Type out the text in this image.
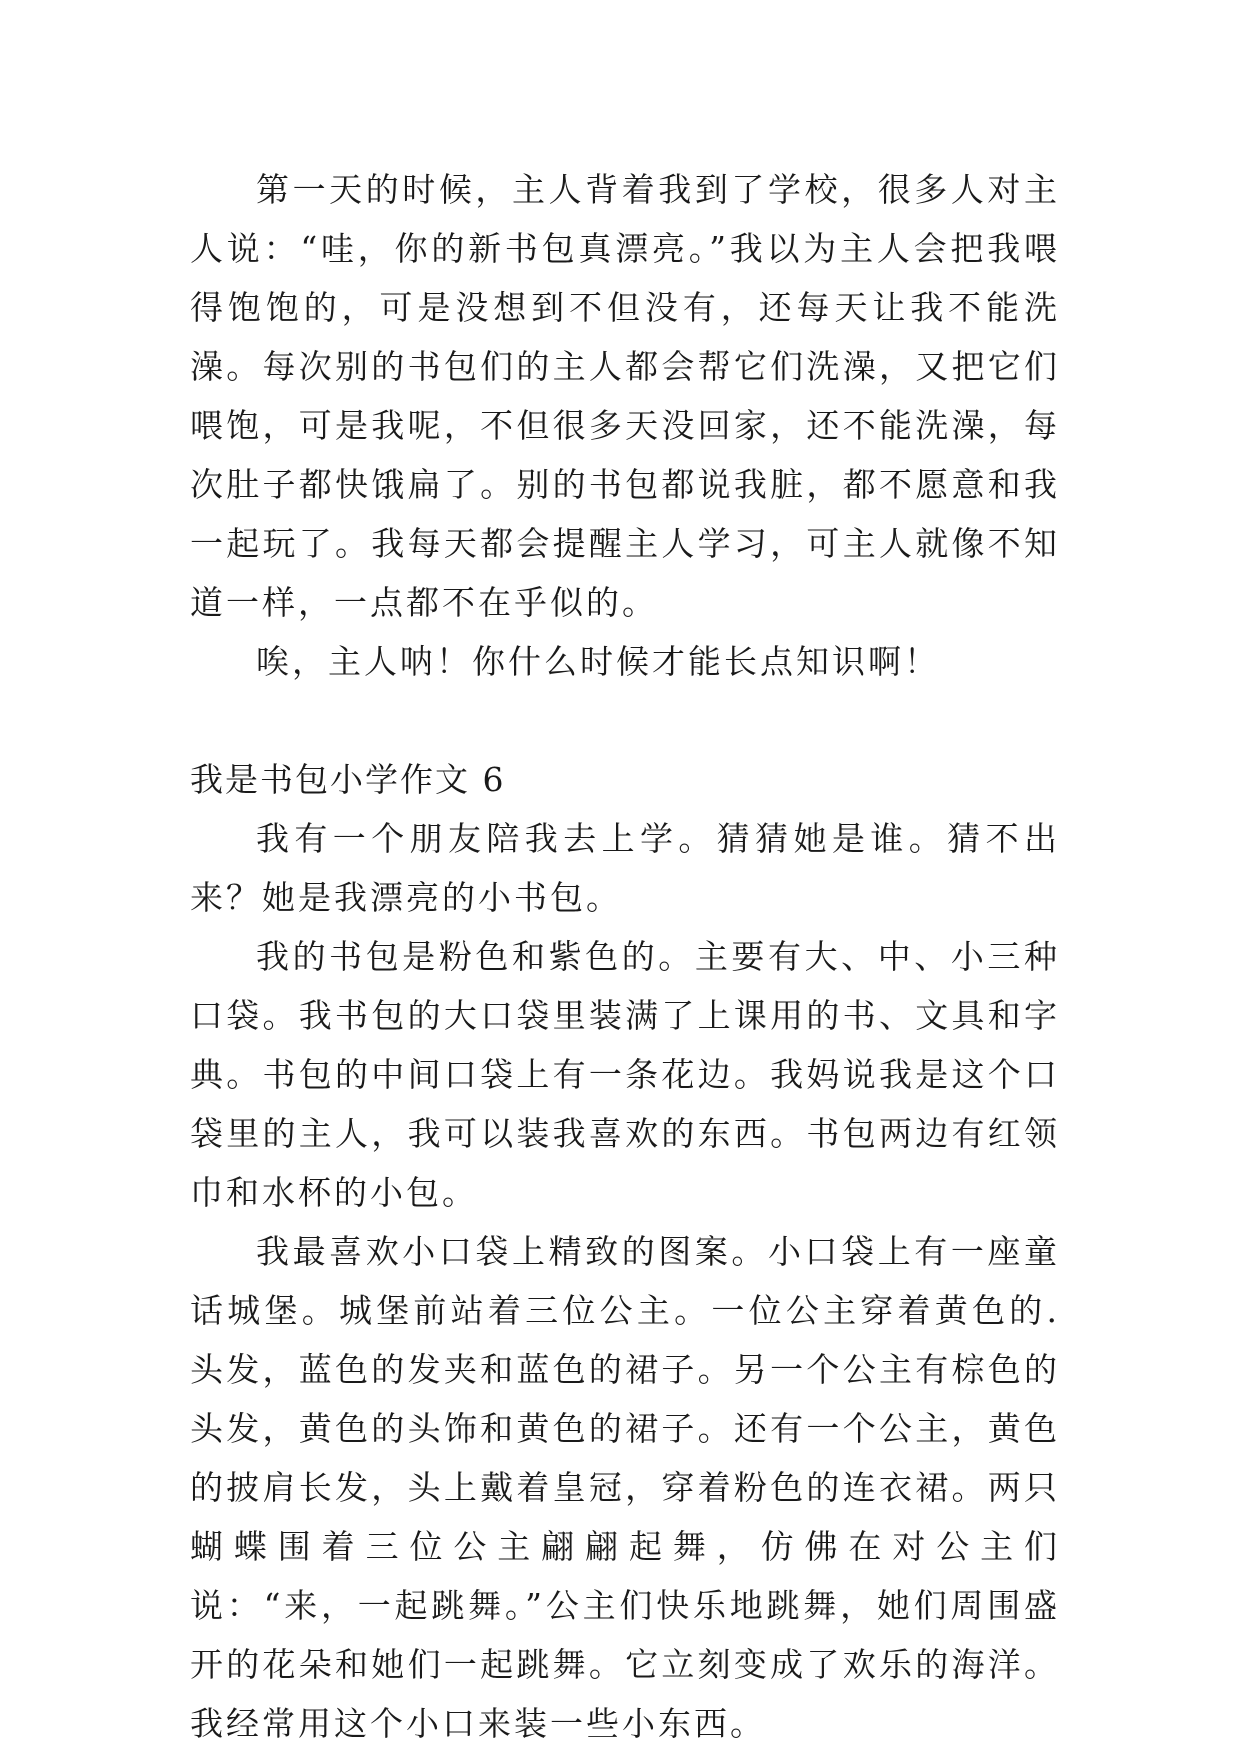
第一天的时候，主人背着我到了学校，很多人对主人说：“哇，你的新书包真漂亮。”我以为主人会把我喂得饱饱的，可是没想到不但没有，还每天让我不能洗澡。每次别的书包们的主人都会帮它们洗澡，又把它们喂饱，可是我呢，不但很多天没回家，还不能洗澡，每次肚子都快饿扁了。别的书包都说我脏，都不愿意和我一起玩了。我每天都会提醒主人学习，可主人就像不知道一样，一点都不在乎似的。

唉，主人呐！你什么时候才能长点知识啊！

我是书包小学作文 6

我有一个朋友陪我去上学。猜猜她是谁。猜不出来？她是我漂亮的小书包。

我的书包是粉色和紫色的。主要有大、中、小三种口袋。我书包的大口袋里装满了上课用的书、文具和字典。书包的中间口袋上有一条花边。我妈说我是这个口袋里的主人，我可以装我喜欢的东西。书包两边有红领巾和水杯的小包。

我最喜欢小口袋上精致的图案。小口袋上有一座童话城堡。城堡前站着三位公主。一位公主穿着黄色的.头发，蓝色的发夹和蓝色的裙子。另一个公主有棕色的头发，黄色的头饰和黄色的裙子。还有一个公主，黄色的披肩长发，头上戴着皇冠，穿着粉色的连衣裙。两只蝴蝶围着三位公主翩翩起舞，仿佛在对公主们说：“来，一起跳舞。”公主们快乐地跳舞，她们周围盛开的花朵和她们一起跳舞。它立刻变成了欢乐的海洋。我经常用这个小口来装一些小东西。
